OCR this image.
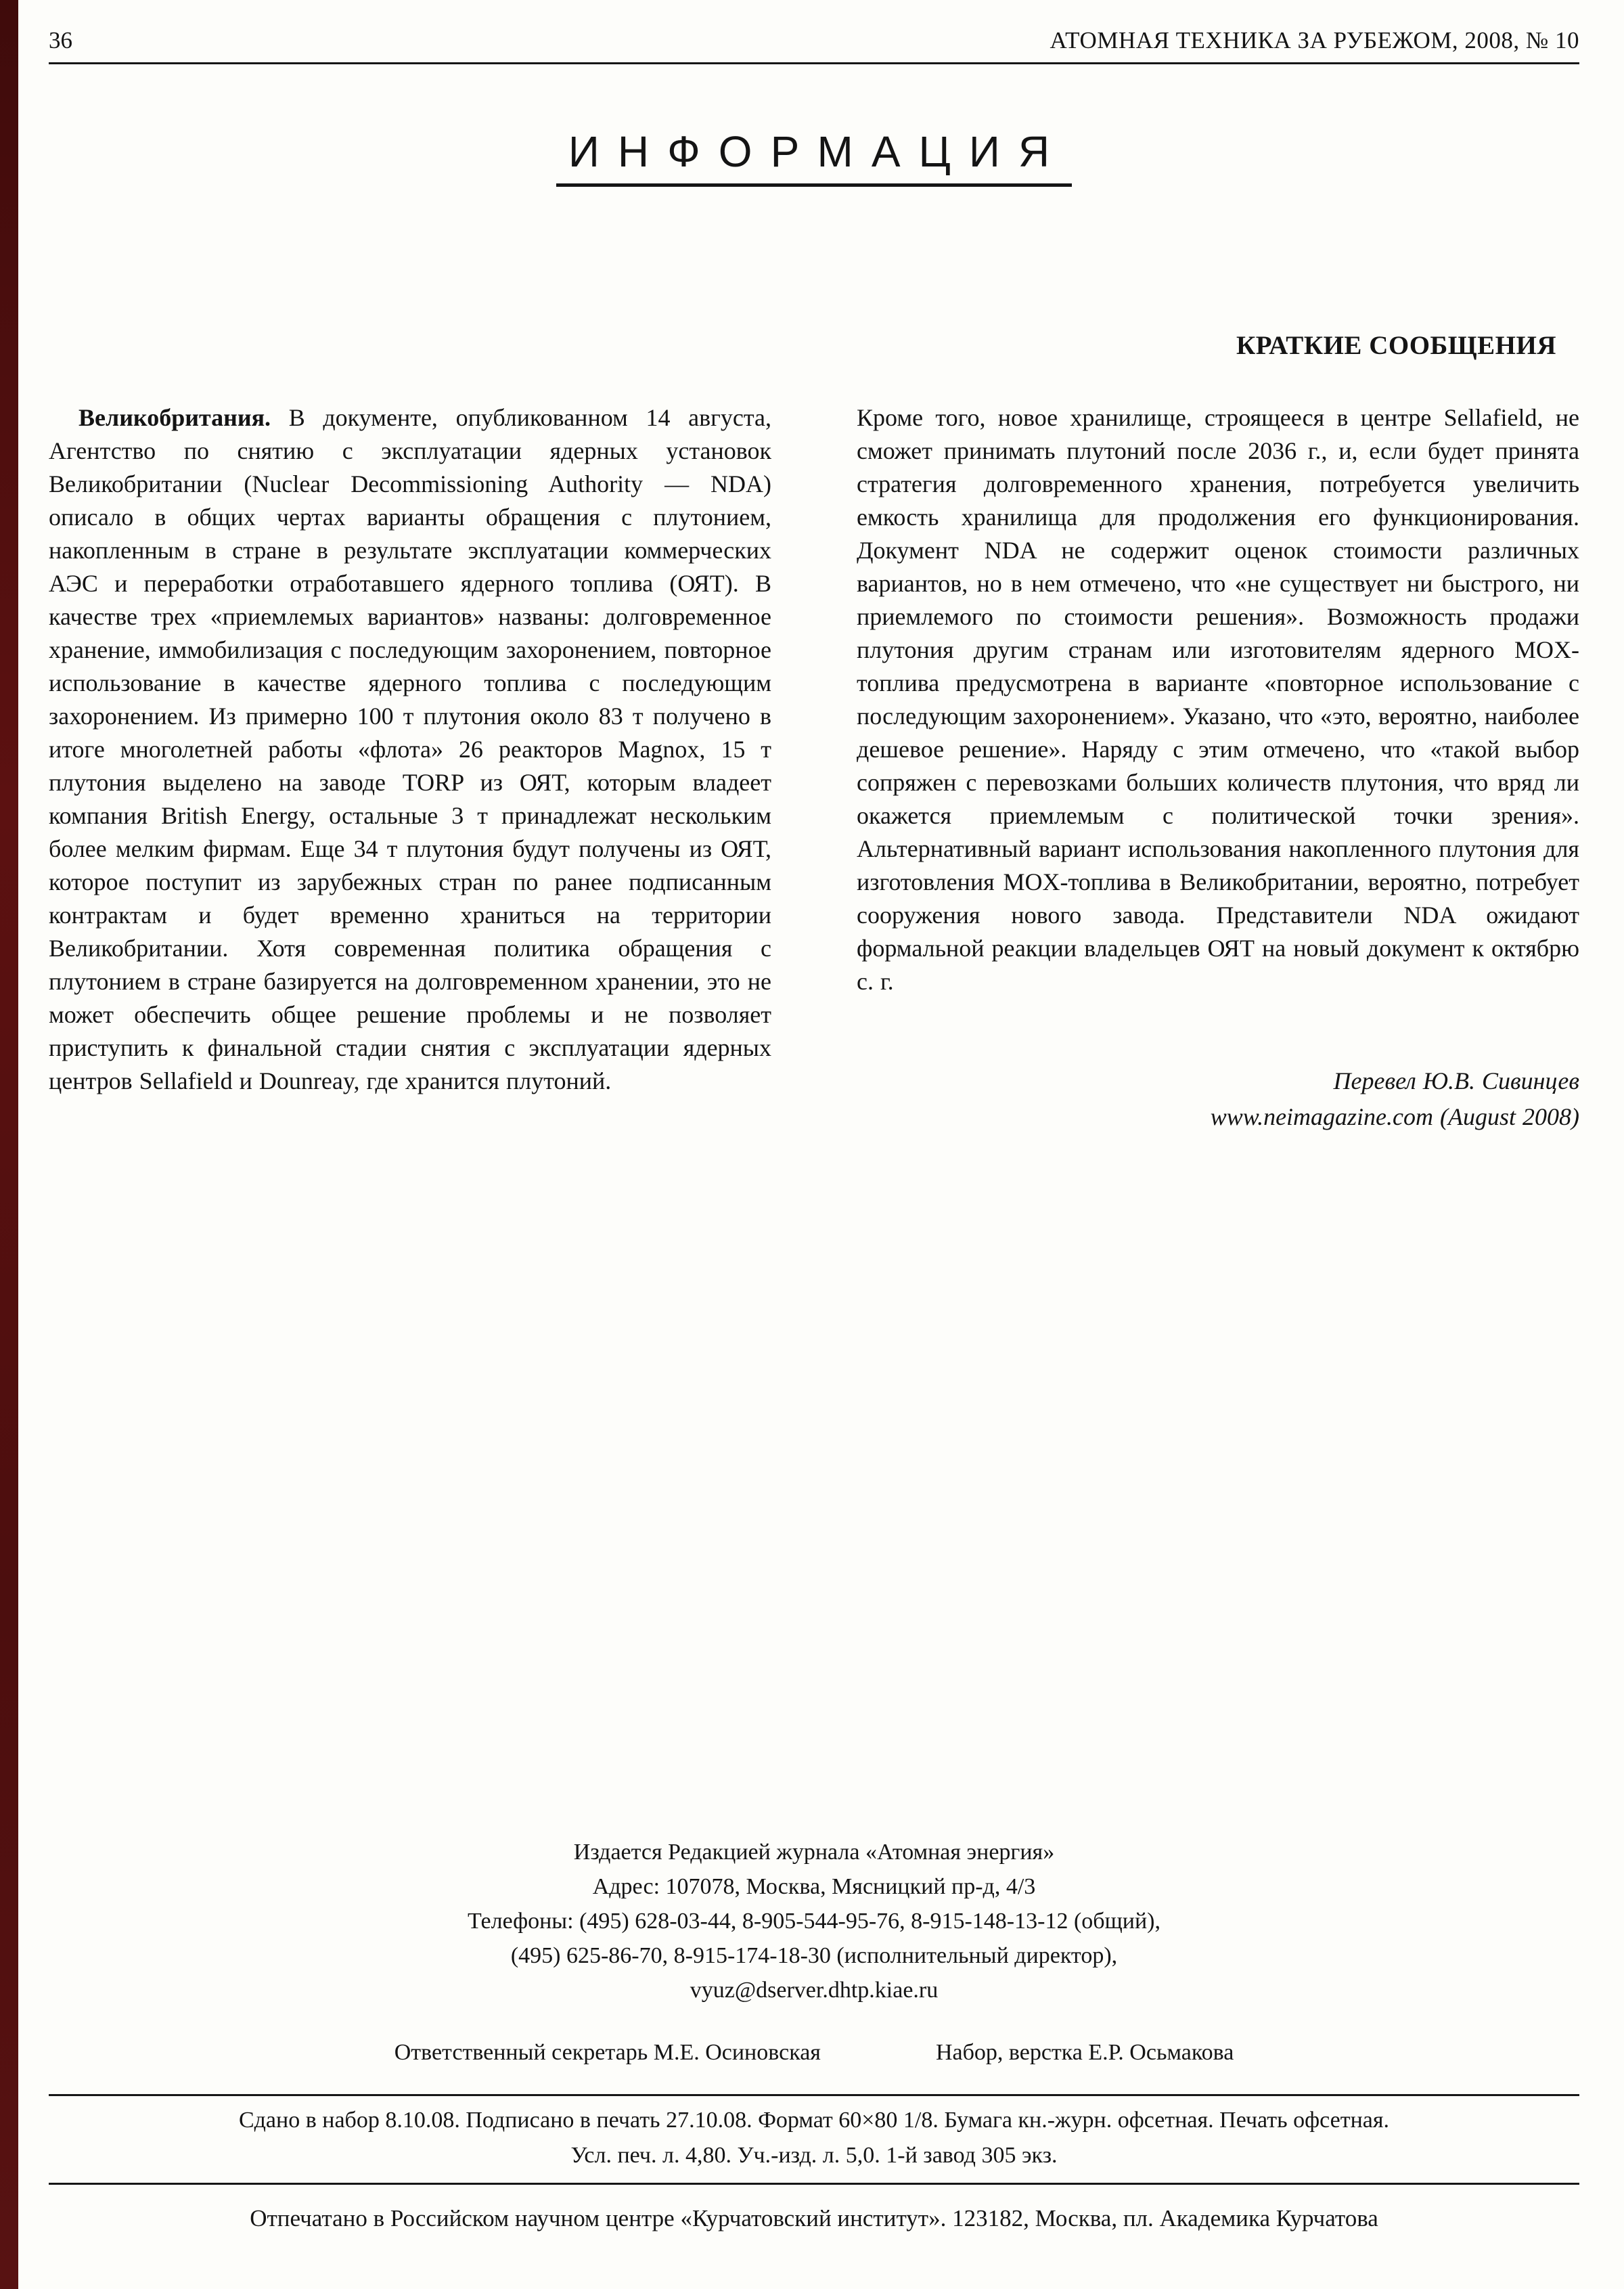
36	АТОМНАЯ ТЕХНИКА ЗА РУБЕЖОМ, 2008, № 10
ИНФОРМАЦИЯ
КРАТКИЕ СООБЩЕНИЯ

Великобритания. В документе, опубликованном 14 августа, Агентство по снятию с эксплуатации ядерных установок Великобритании (Nuclear Decommissioning Authority — NDA) описало в общих чертах варианты обращения с плутонием, накопленным в стране в результате эксплуатации коммерческих АЭС и переработки отработавшего ядерного топлива (ОЯТ). В качестве трех «приемлемых вариантов» названы: долговременное хранение, иммобилизация с последующим захоронением, повторное использование в качестве ядерного топлива с последующим захоронением. Из примерно 100 т плутония около 83 т получено в итоге многолетней работы «флота» 26 реакторов Magnox, 15 т плутония выделено на заводе TORP из ОЯТ, которым владеет компания British Energy, остальные 3 т принадлежат нескольким более мелким фирмам. Еще 34 т плутония будут получены из ОЯТ, которое поступит из зарубежных стран по ранее подписанным контрактам и будет временно храниться на территории Великобритании. Хотя современная политика обращения с плутонием в стране базируется на долговременном хранении, это не может обеспечить общее решение проблемы и не позволяет приступить к финальной стадии снятия с эксплуатации ядерных центров Sellafield и Dounreay, где хранится плутоний.

Кроме того, новое хранилище, строящееся в центре Sellafield, не сможет принимать плутоний после 2036 г., и, если будет принята стратегия долговременного хранения, потребуется увеличить емкость хранилища для продолжения его функционирования. Документ NDA не содержит оценок стоимости различных вариантов, но в нем отмечено, что «не существует ни быстрого, ни приемлемого по стоимости решения». Возможность продажи плутония другим странам или изготовителям ядерного MOX-топлива предусмотрена в варианте «повторное использование с последующим захоронением». Указано, что «это, вероятно, наиболее дешевое решение». Наряду с этим отмечено, что «такой выбор сопряжен с перевозками больших количеств плутония, что вряд ли окажется приемлемым с политической точки зрения». Альтернативный вариант использования накопленного плутония для изготовления MOX-топлива в Великобритании, вероятно, потребует сооружения нового завода. Представители NDA ожидают формальной реакции владельцев ОЯТ на новый документ к октябрю с. г.

Перевел Ю.В. Сивинцев
www.neimagazine.com (August 2008)
Издается Редакцией журнала «Атомная энергия»
Адрес: 107078, Москва, Мясницкий пр-д, 4/3
Телефоны: (495) 628-03-44, 8-905-544-95-76, 8-915-148-13-12 (общий),
(495) 625-86-70, 8-915-174-18-30 (исполнительный директор),
vyuz@dserver.dhtp.kiae.ru
Ответственный секретарь М.Е. Осиновская	Набор, верстка Е.Р. Осьмакова
Сдано в набор 8.10.08. Подписано в печать 27.10.08. Формат 60×80 1/8. Бумага кн.-журн. офсетная. Печать офсетная.
Усл. печ. л. 4,80. Уч.-изд. л. 5,0. 1-й завод 305 экз.
Отпечатано в Российском научном центре «Курчатовский институт». 123182, Москва, пл. Академика Курчатова
